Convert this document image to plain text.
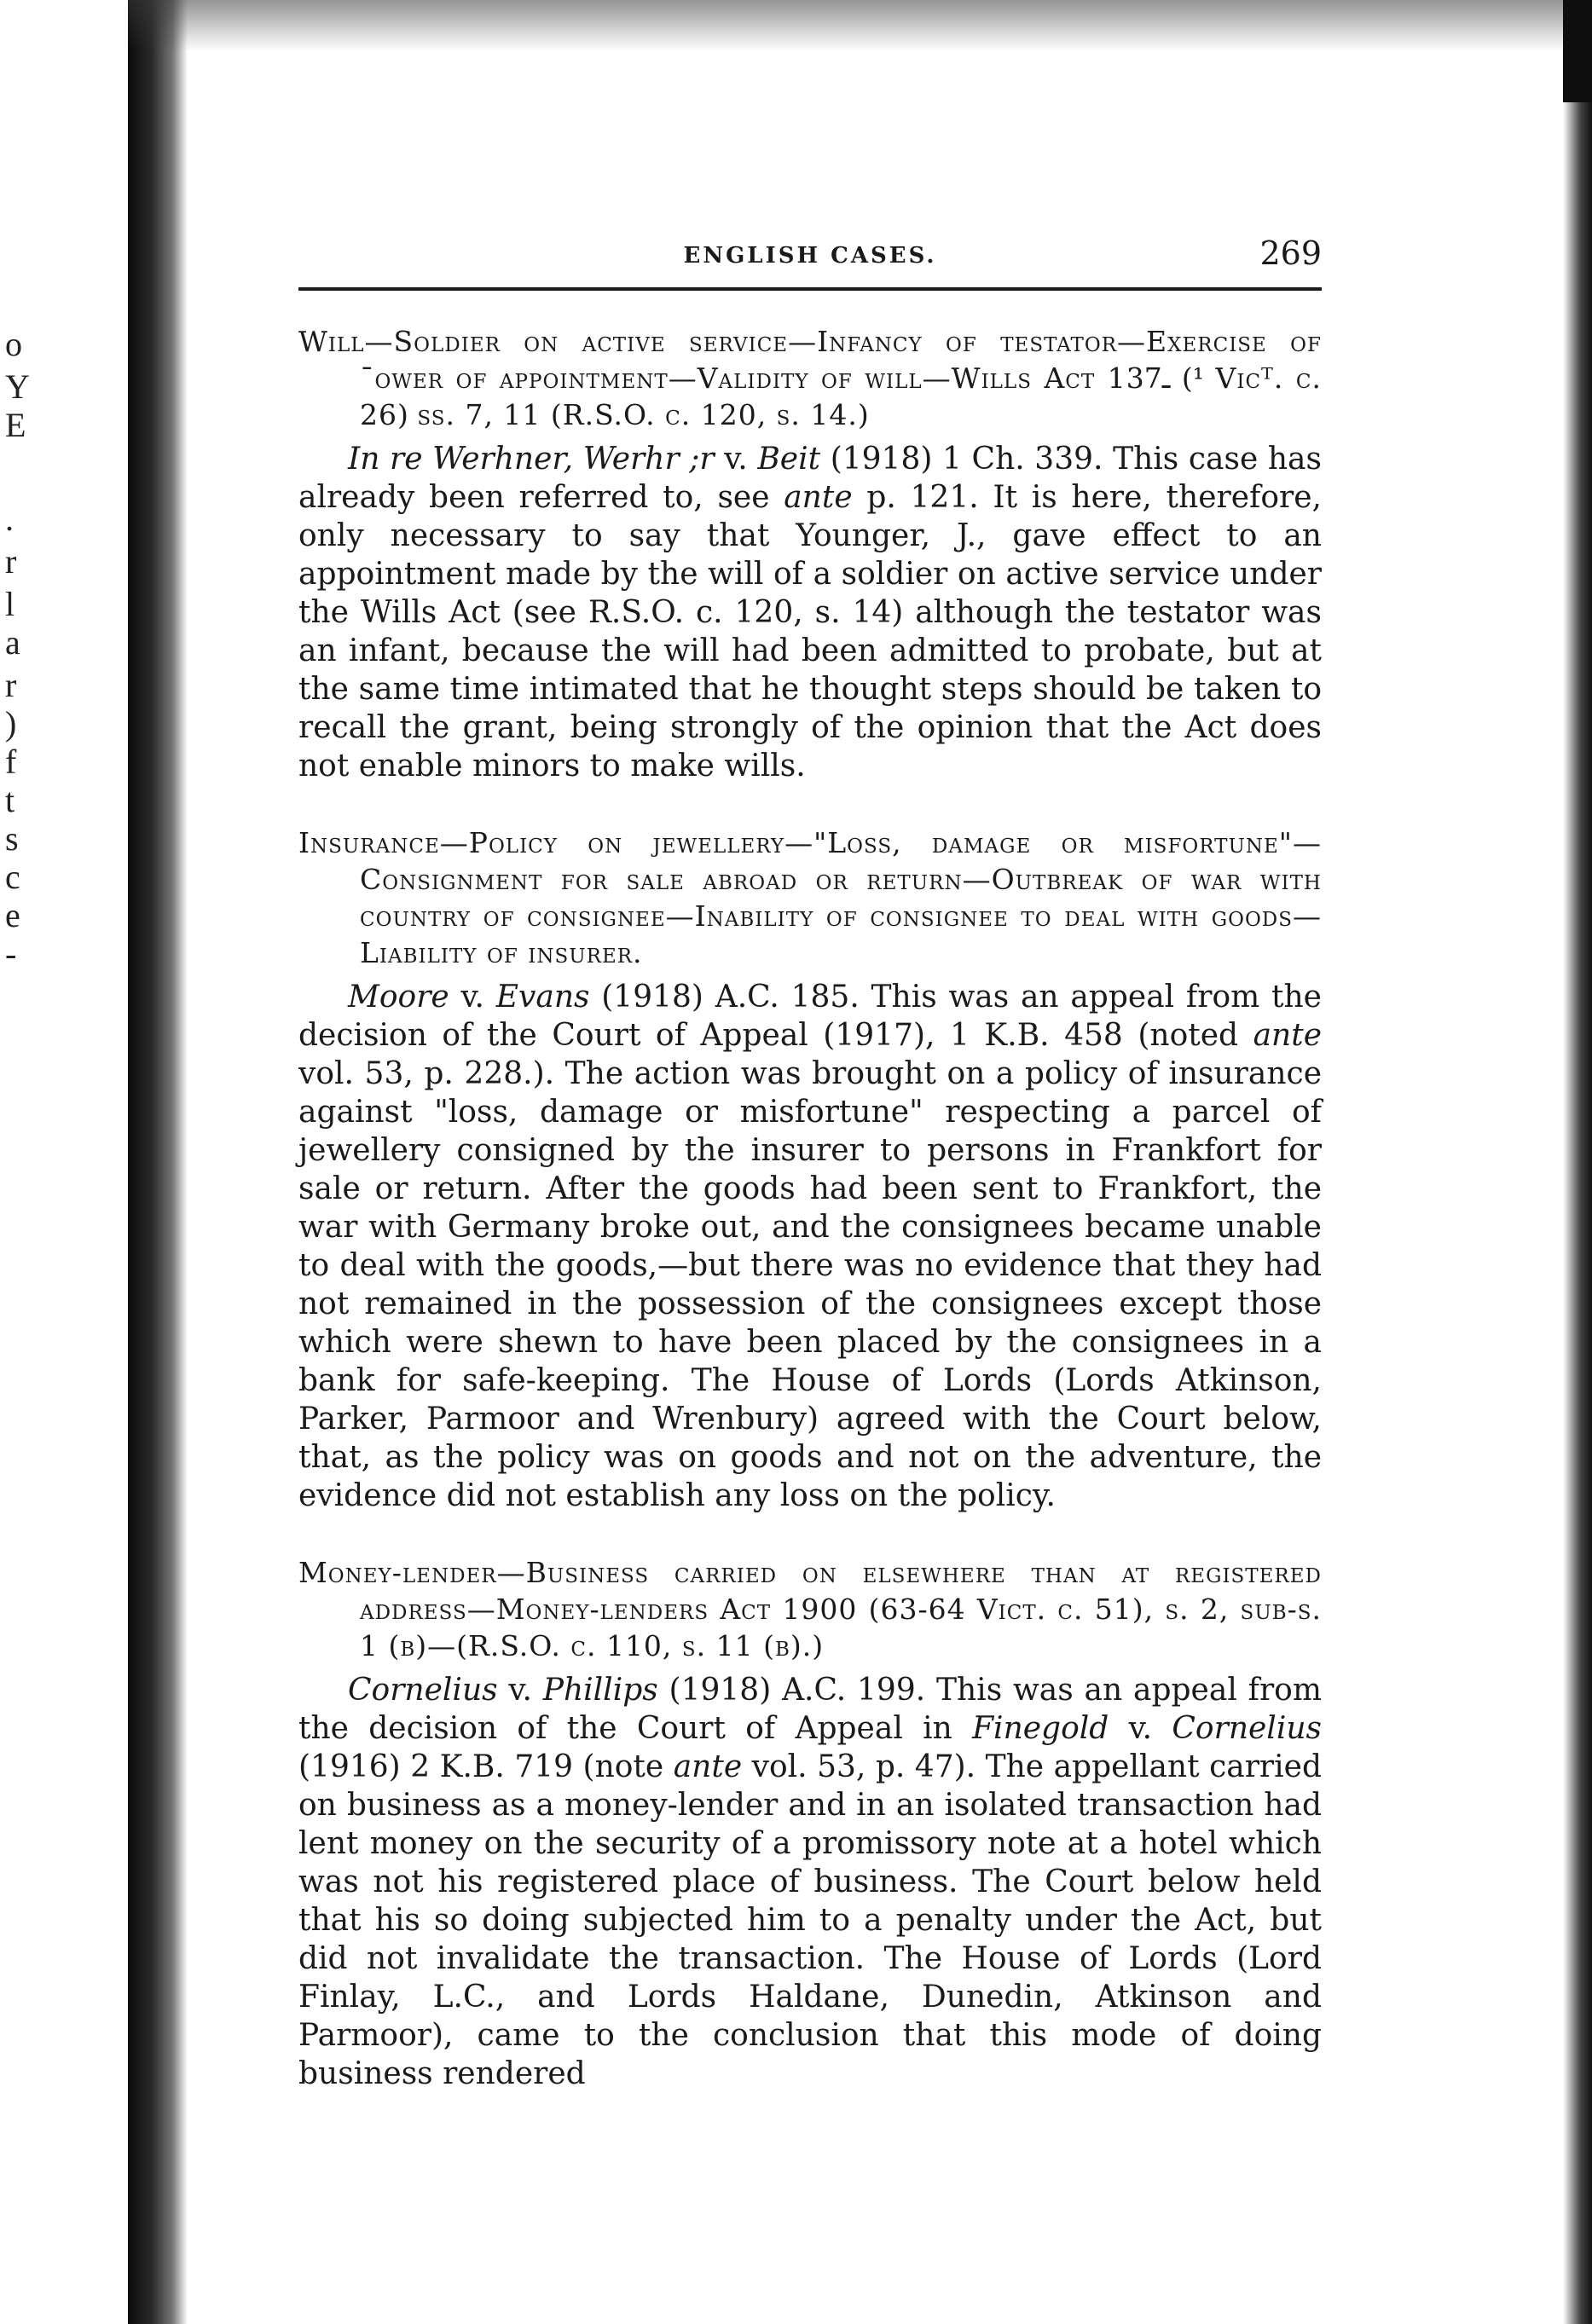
o
Y
E
.
r
l
a
r
)
f
t
s
c
e
-
ENGLISH CASES.	269

Will—Soldier on active service—Infancy of testator—Exercise of ˉower of appointment—Validity of will—Wills Act 1ـ37 (¹ Vicᵀ. c. 26) ss. 7, 11 (R.S.O. c. 120, s. 14.)

In re Werhner, Werhr ;r v. Beit (1918) 1 Ch. 339. This case has already been referred to, see ante p. 121. It is here, therefore, only necessary to say that Younger, J., gave effect to an appointment made by the will of a soldier on active service under the Wills Act (see R.S.O. c. 120, s. 14) although the testator was an infant, because the will had been admitted to probate, but at the same time intimated that he thought steps should be taken to recall the grant, being strongly of the opinion that the Act does not enable minors to make wills.

Insurance—Policy on jewellery—"Loss, damage or misfortune"—Consignment for sale abroad or return—Outbreak of war with country of consignee—Inability of consignee to deal with goods—Liability of insurer.

Moore v. Evans (1918) A.C. 185. This was an appeal from the decision of the Court of Appeal (1917), 1 K.B. 458 (noted ante vol. 53, p. 228.). The action was brought on a policy of insurance against "loss, damage or misfortune" respecting a parcel of jewellery consigned by the insurer to persons in Frankfort for sale or return. After the goods had been sent to Frankfort, the war with Germany broke out, and the consignees became unable to deal with the goods,—but there was no evidence that they had not remained in the possession of the consignees except those which were shewn to have been placed by the consignees in a bank for safe-keeping. The House of Lords (Lords Atkinson, Parker, Parmoor and Wrenbury) agreed with the Court below, that, as the policy was on goods and not on the adventure, the evidence did not establish any loss on the policy.

Money-lender—Business carried on elsewhere than at registered address—Money-lenders Act 1900 (63-64 Vict. c. 51), s. 2, sub-s. 1 (b)—(R.S.O. c. 110, s. 11 (b).)

Cornelius v. Phillips (1918) A.C. 199. This was an appeal from the decision of the Court of Appeal in Finegold v. Cornelius (1916) 2 K.B. 719 (note ante vol. 53, p. 47). The appellant carried on business as a money-lender and in an isolated transaction had lent money on the security of a promissory note at a hotel which was not his registered place of business. The Court below held that his so doing subjected him to a penalty under the Act, but did not invalidate the transaction. The House of Lords (Lord Finlay, L.C., and Lords Haldane, Dunedin, Atkinson and Parmoor), came to the conclusion that this mode of doing business rendered
